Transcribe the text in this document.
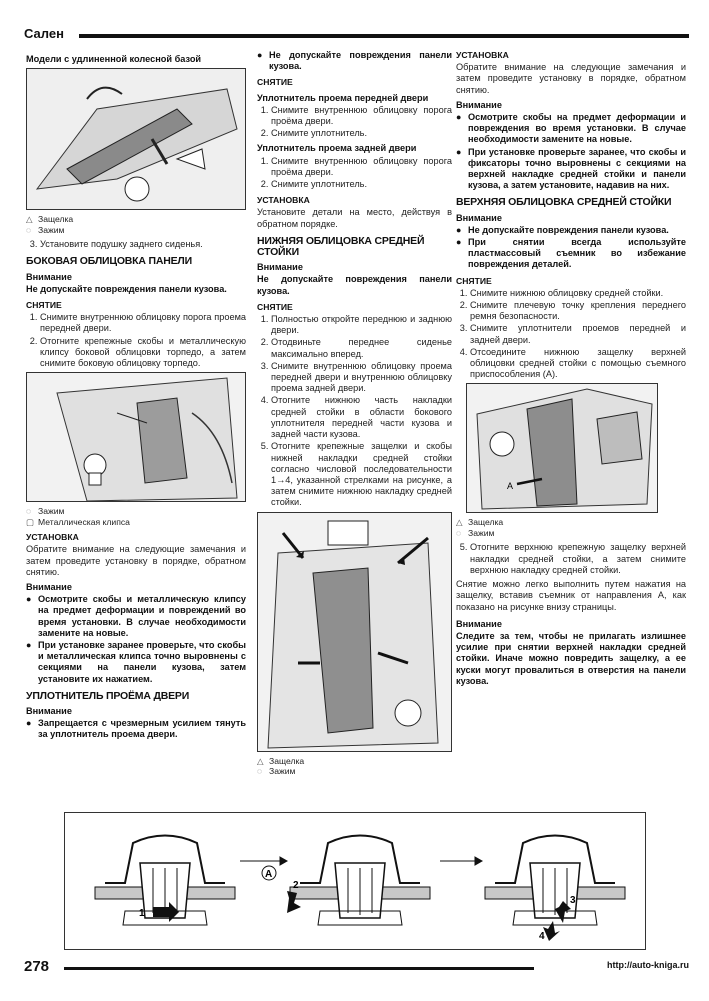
Сален
Модели с удлиненной колесной базой
△ Защелка
◌ Зажим
3. Установите подушку заднего сиденья.
БОКОВАЯ ОБЛИЦОВКА ПАНЕЛИ
Внимание

Не допускайте повреждения панели кузова.

СНЯТИЕ
1. Снимите внутреннюю облицовку порога проема передней двери.
2. Отогните крепежные скобы и металлическую клипсу боковой облицовки торпедо, а затем снимите боковую облицовку торпедо.
◌ Зажим
▢ Металлическая клипса
УСТАНОВКА

Обратите внимание на следующие замечания и затем проведите установку в порядке, обратном снятию.

Внимание
● Осмотрите скобы и металлическую клипсу на предмет деформации и повреждений во время установки. В случае необходимости замените на новые.
● При установке заранее проверьте, что скобы и металлическая клипса точно выровнены с секциями на панели кузова, затем установите их нажатием.
УПЛОТНИТЕЛЬ ПРОЁМА ДВЕРИ
Внимание
● Запрещается с чрезмерным усилием тянуть за уплотнитель проема двери.
● Не допускайте повреждения панели кузова.
СНЯТИЕ
Уплотнитель проема передней двери
1. Снимите внутреннюю облицовку порога проёма двери.
2. Снимите уплотнитель.
Уплотнитель проема задней двери
1. Снимите внутреннюю облицовку порога проёма двери.
2. Снимите уплотнитель.
УСТАНОВКА

Установите детали на место, действуя в обратном порядке.

НИЖНЯЯ ОБЛИЦОВКА СРЕДНЕЙ СТОЙКИ
Внимание

Не допускайте повреждения панели кузова.

СНЯТИЕ
1. Полностью откройте переднюю и заднюю двери.
2. Отодвиньте переднее сиденье максимально вперед.
3. Снимите внутреннюю облицовку проема передней двери и внутреннюю облицовку проема задней двери.
4. Отогните нижнюю часть накладки средней стойки в области бокового уплотнителя передней части кузова и задней части кузова.
5. Отогните крепежные защелки и скобы нижней накладки средней стойки согласно числовой последовательности 1→4, указанной стрелками на рисунке, а затем снимите нижнюю накладку средней стойки.
△ Защелка
◌ Зажим
УСТАНОВКА

Обратите внимание на следующие замечания и затем проведите установку в порядке, обратном снятию.

Внимание
● Осмотрите скобы на предмет деформации и повреждения во время установки. В случае необходимости замените на новые.
● При установке проверьте заранее, что скобы и фиксаторы точно выровнены с секциями на верхней накладке средней стойки и панели кузова, а затем установите, надавив на них.
ВЕРХНЯЯ ОБЛИЦОВКА СРЕДНЕЙ СТОЙКИ
Внимание
● Не допускайте повреждения панели кузова.
● При снятии всегда используйте пластмассовый съемник во избежание повреждения деталей.
СНЯТИЕ
1. Снимите нижнюю облицовку средней стойки.
2. Снимите плечевую точку крепления переднего ремня безопасности.
3. Снимите уплотнители проемов передней и задней двери.
4. Отсоедините нижнюю защелку верхней облицовки средней стойки с помощью съемного приспособления (А).
A
△ Защелка
◌ Зажим
5. Отогните верхнюю крепежную защелку верхней накладки средней стойки, а затем снимите верхнюю накладку средней стойки.

Снятие можно легко выполнить путем нажатия на защелку, вставив съемник от направления А, как показано на рисунке внизу страницы.

Внимание

Следите за тем, чтобы не прилагать излишнее усилие при снятии верхней накладки средней стойки. Иначе можно повредить защелку, а ее куски могут провалиться в отверстия на панели кузова.

1
A
2
3
4
278	http://auto-kniga.ru
